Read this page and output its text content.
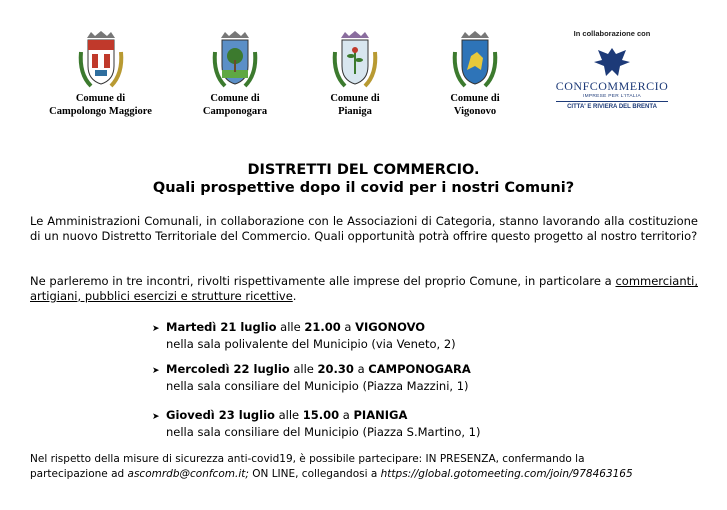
Comune di
Campolongo Maggiore
Comune di
Camponogara
Comune di
Pianiga
Comune di
Vigonovo
In collaborazione con
CONFCOMMERCIO
IMPRESE PER L'ITALIA
CITTA' E RIVIERA DEL BRENTA
DISTRETTI DEL COMMERCIO.
Quali prospettive dopo il covid per i nostri Comuni?
Le Amministrazioni Comunali, in collaborazione con le Associazioni di Categoria, stanno lavorando alla costituzione di un nuovo Distretto Territoriale del Commercio. Quali opportunità potrà offrire questo progetto al nostro territorio?
Ne parleremo in tre incontri, rivolti rispettivamente alle imprese del proprio Comune, in particolare a commercianti, artigiani, pubblici esercizi e strutture ricettive.
➤ Martedì 21 luglio alle 21.00 a VIGONOVO
nella sala polivalente del Municipio (via Veneto, 2)
➤ Mercoledì 22 luglio alle 20.30 a CAMPONOGARA
nella sala consiliare del Municipio (Piazza Mazzini, 1)
➤ Giovedì 23 luglio alle 15.00 a PIANIGA
nella sala consiliare del Municipio (Piazza S.Martino, 1)
Nel rispetto della misure di sicurezza anti-covid19, è possibile partecipare: IN PRESENZA, confermando la
partecipazione ad ascomrdb@confcom.it; ON LINE, collegandosi a https://global.gotomeeting.com/join/978463165
